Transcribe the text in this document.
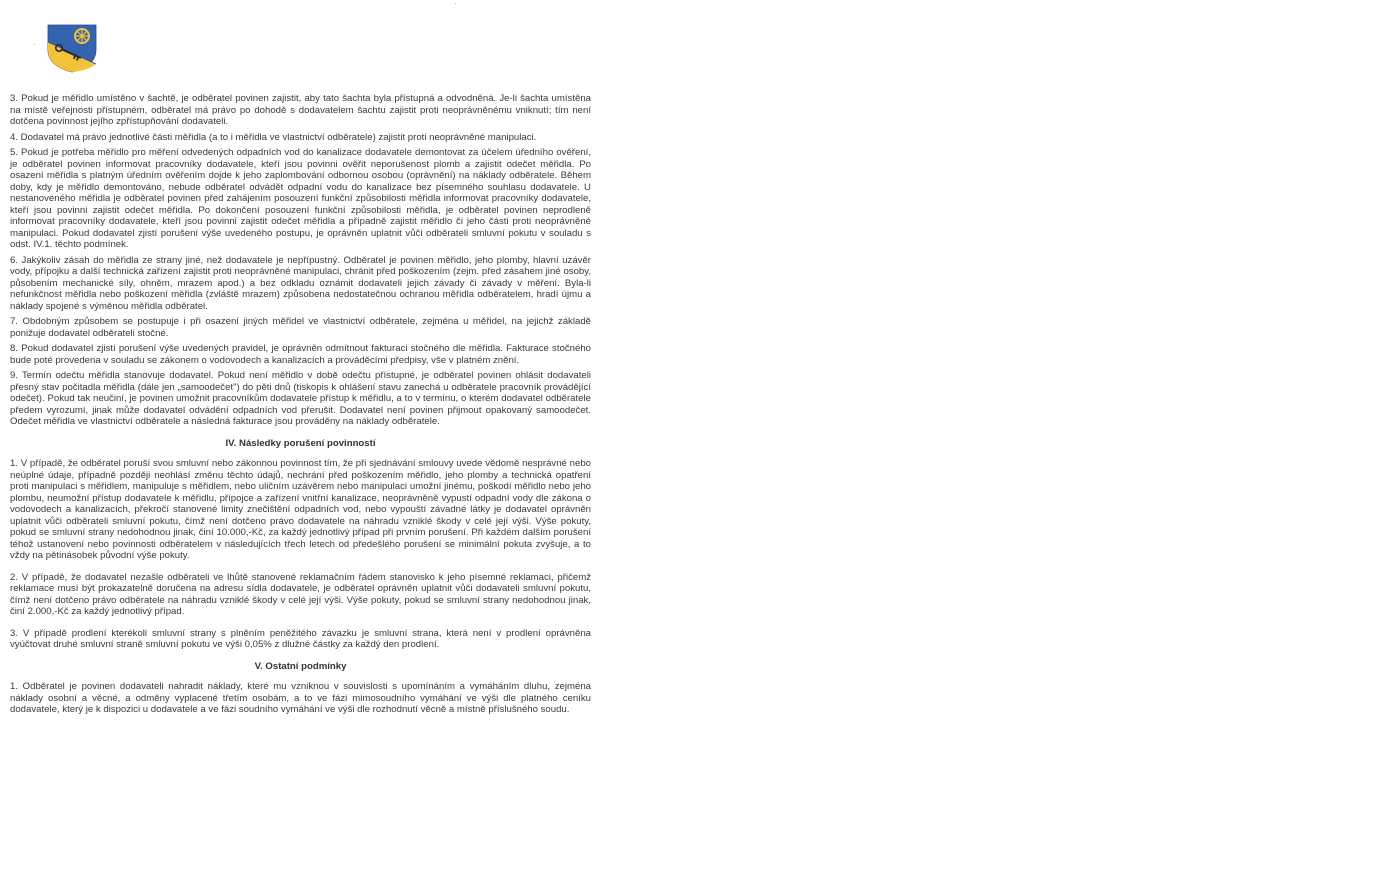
3. Pokud je měřidlo umístěno v šachtě, je odběratel povinen zajistit, aby tato šachta byla přístupná a odvodněná. Je-li šachta umístěna na místě veřejnosti přístupném, odběratel má právo po dohodě s dodavatelem šachtu zajistit proti neoprávněnému vniknutí; tím není dotčena povinnost jejího zpřístupňování dodavateli.

4. Dodavatel má právo jednotlivé části měřidla (a to i měřidla ve vlastnictví odběratele) zajistit proti neoprávněné manipulaci.

5. Pokud je potřeba měřidlo pro měření odvedených odpadních vod do kanalizace dodavatele demontovat za účelem úředního ověření, je odběratel povinen informovat pracovníky dodavatele, kteří jsou povinni ověřit neporušenost plomb a zajistit odečet měřidla. Po osazení měřidla s platným úředním ověřením dojde k jeho zaplombování odbornou osobou (oprávnění) na náklady odběratele. Během doby, kdy je měřidlo demontováno, nebude odběratel odvádět odpadní vodu do kanalizace bez písemného souhlasu dodavatele. U nestanoveného měřidla je odběratel povinen před zahájením posouzení funkční způsobilosti měřidla informovat pracovníky dodavatele, kteří jsou povinni zajistit odečet měřidla. Po dokončení posouzení funkční způsobilosti měřidla, je odběratel povinen neprodleně informovat pracovníky dodavatele, kteří jsou povinni zajistit odečet měřidla a případně zajistit měřidlo či jeho části proti neoprávněné manipulaci. Pokud dodavatel zjistí porušení výše uvedeného postupu, je oprávněn uplatnit vůči odběrateli smluvní pokutu v souladu s odst. IV.1. těchto podmínek.

6. Jakýkoliv zásah do měřidla ze strany jiné, než dodavatele je nepřípustný. Odběratel je povinen měřidlo, jeho plomby, hlavní uzávěr vody, přípojku a další technická zařízení zajistit proti neoprávněné manipulaci, chránit před poškozením (zejm. před zásahem jiné osoby, působením mechanické síly, ohněm, mrazem apod.) a bez odkladu oznámit dodavateli jejich závady či závady v měření. Byla-li nefunkčnost měřidla nebo poškození měřidla (zvláště mrazem) způsobena nedostatečnou ochranou měřidla odběratelem, hradí újmu a náklady spojené s výměnou měřidla odběratel.

7. Obdobným způsobem se postupuje i při osazení jiných měřidel ve vlastnictví odběratele, zejména u měřidel, na jejichž základě ponižuje dodavatel odběrateli stočné.

8. Pokud dodavatel zjistí porušení výše uvedených pravidel, je oprávněn odmítnout fakturaci stočného dle měřidla. Fakturace stočného bude poté provedena v souladu se zákonem o vodovodech a kanalizacích a prováděcími předpisy, vše v platném znění.

9. Termín odečtu měřidla stanovuje dodavatel. Pokud není měřidlo v době odečtu přístupné, je odběratel povinen ohlásit dodavateli přesný stav počitadla měřidla (dále jen „samoodečet") do pěti dnů (tiskopis k ohlášení stavu zanechá u odběratele pracovník provádějící odečet). Pokud tak neučiní, je povinen umožnit pracovníkům dodavatele přístup k měřidlu, a to v termínu, o kterém dodavatel odběratele předem vyrozumí, jinak může dodavatel odvádění odpadních vod přerušit. Dodavatel není povinen přijmout opakovaný samoodečet. Odečet měřidla ve vlastnictví odběratele a následná fakturace jsou prováděny na náklady odběratele.

IV. Následky porušení povinností

1. V případě, že odběratel poruší svou smluvní nebo zákonnou povinnost tím, že při sjednávání smlouvy uvede vědomě nesprávné nebo neúplné údaje, případně později neohlásí změnu těchto údajů, nechrání před poškozením měřidlo, jeho plomby a technická opatření proti manipulaci s měřidlem, manipuluje s měřidlem, nebo uličním uzávěrem nebo manipulaci umožní jinému, poškodí měřidlo nebo jeho plombu, neumožní přístup dodavatele k měřidlu, přípojce a zařízení vnitřní kanalizace, neoprávněně vypustí odpadní vody dle zákona o vodovodech a kanalizacích, překročí stanovené limity znečištění odpadních vod, nebo vypouští závadné látky je dodavatel oprávněn uplatnit vůči odběrateli smluvní pokutu, čímž není dotčeno právo dodavatele na náhradu vzniklé škody v celé její výši. Výše pokuty, pokud se smluvní strany nedohodnou jinak, činí 10.000,-Kč, za každý jednotlivý případ při prvním porušení. Při každém dalším porušení téhož ustanovení nebo povinnosti odběratelem v následujících třech letech od předešlého porušení se minimální pokuta zvyšuje, a to vždy na pětinásobek původní výše pokuty.

2. V případě, že dodavatel nezašle odběrateli ve lhůtě stanovené reklamačním řádem stanovisko k jeho písemné reklamaci, přičemž reklamace musí být prokazatelně doručena na adresu sídla dodavatele, je odběratel oprávněn uplatnit vůči dodavateli smluvní pokutu, čímž není dotčeno právo odběratele na náhradu vzniklé škody v celé její výši. Výše pokuty, pokud se smluvní strany nedohodnou jinak, činí 2.000,-Kč za každý jednotlivý případ.

3. V případě prodlení kterékoli smluvní strany s plněním peněžitého závazku je smluvní strana, která není v prodlení oprávněna vyúčtovat druhé smluvní straně smluvní pokutu ve výši 0,05% z dlužné částky za každý den prodlení.

V. Ostatní podmínky

1. Odběratel je povinen dodavateli nahradit náklady, které mu vzniknou v souvislosti s upomínáním a vymáháním dluhu, zejména náklady osobní a věcné, a odměny vyplacené třetím osobám, a to ve fázi mimosoudního vymáhání ve výši dle platného ceníku dodavatele, který je k dispozici u dodavatele a ve fázi soudního vymáhání ve výši dle rozhodnutí věcně a místně příslušného soudu.
